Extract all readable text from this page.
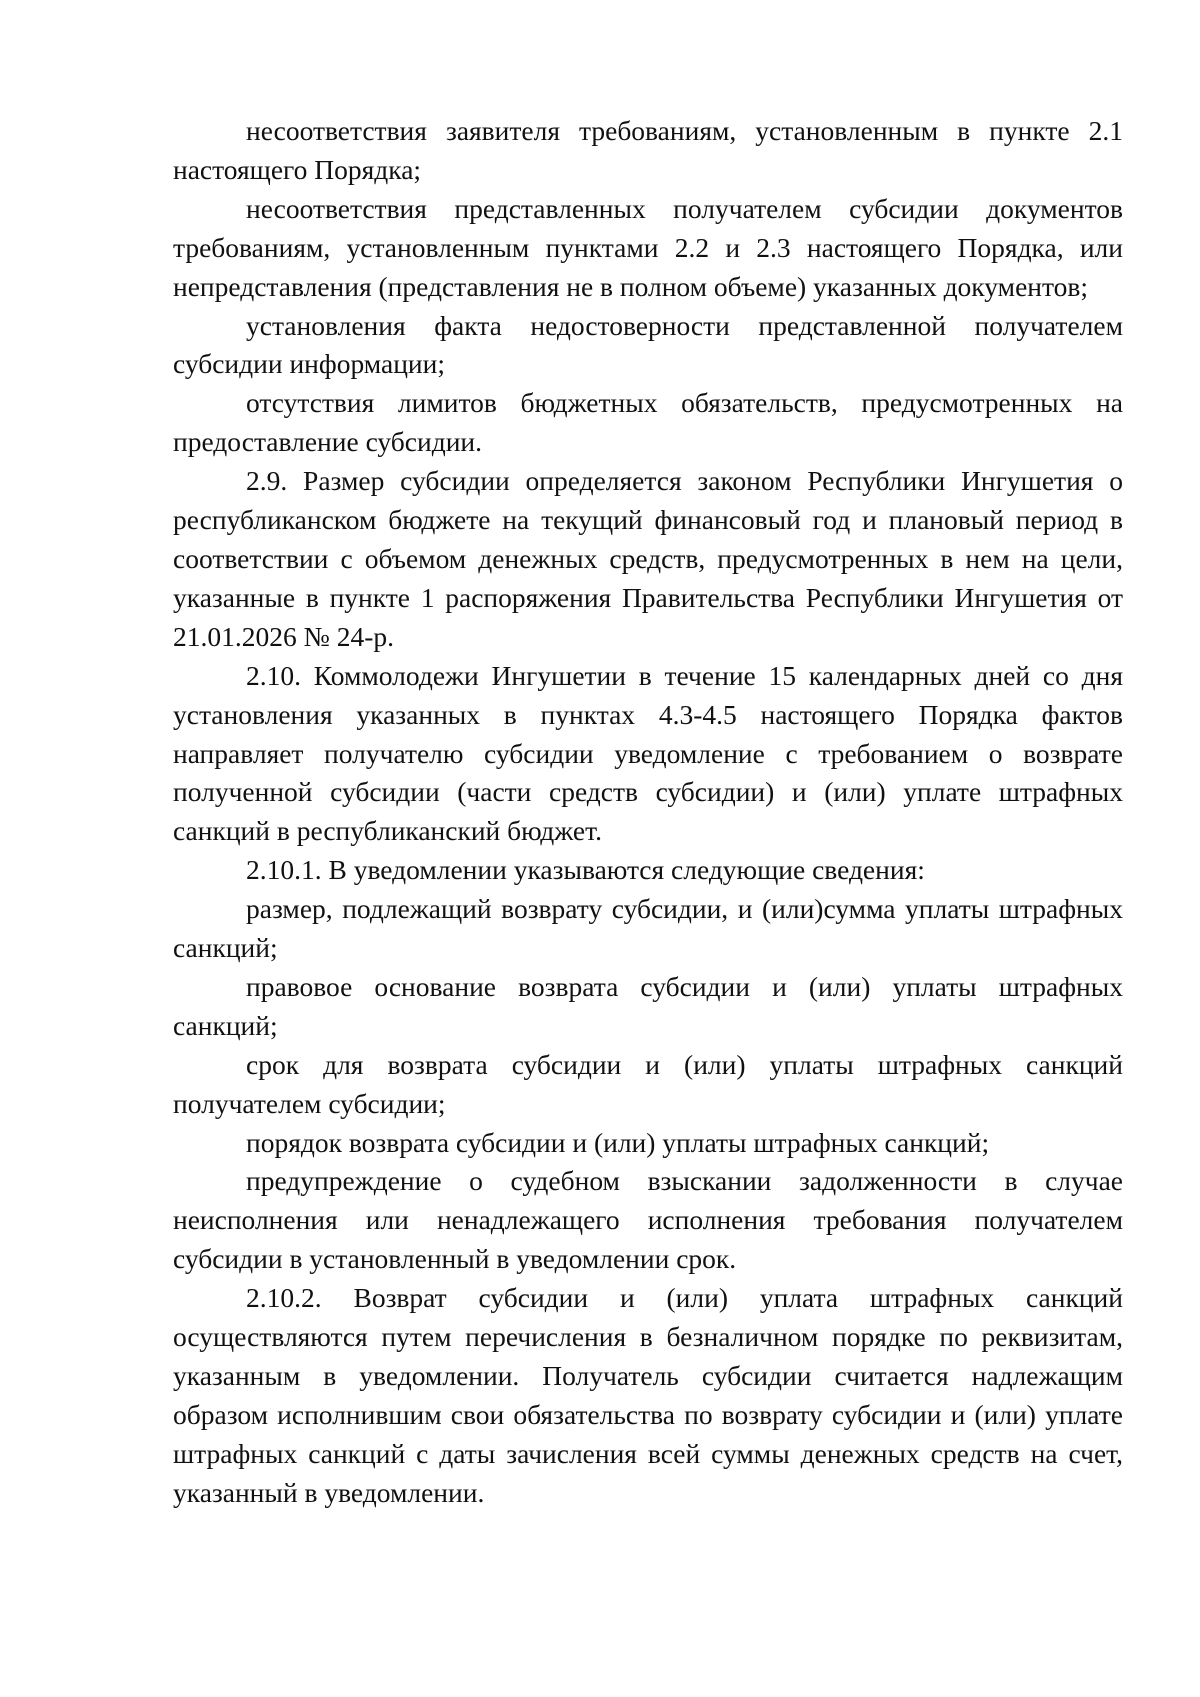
несоответствия заявителя требованиям, установленным в пункте 2.1 настоящего Порядка;

несоответствия представленных получателем субсидии документов требованиям, установленным пунктами 2.2 и 2.3 настоящего Порядка, или непредставления (представления не в полном объеме) указанных документов;

установления факта недостоверности представленной получателем субсидии информации;

отсутствия лимитов бюджетных обязательств, предусмотренных на предоставление субсидии.

2.9. Размер субсидии определяется законом Республики Ингушетия о республиканском бюджете на текущий финансовый год и плановый период в соответствии с объемом денежных средств, предусмотренных в нем на цели, указанные в пункте 1 распоряжения Правительства Республики Ингушетия от 21.01.2026 № 24-р.

2.10. Коммолодежи Ингушетии в течение 15 календарных дней со дня установления указанных в пунктах 4.3-4.5 настоящего Порядка фактов направляет получателю субсидии уведомление с требованием о возврате полученной субсидии (части средств субсидии) и (или) уплате штрафных санкций в республиканский бюджет.

2.10.1. В уведомлении указываются следующие сведения:

размер, подлежащий возврату субсидии, и (или)сумма уплаты штрафных санкций;

правовое основание возврата субсидии и (или) уплаты штрафных санкций;

срок для возврата субсидии и (или) уплаты штрафных санкций получателем субсидии;

порядок возврата субсидии и (или) уплаты штрафных санкций;

предупреждение о судебном взыскании задолженности в случае неисполнения или ненадлежащего исполнения требования получателем субсидии в установленный в уведомлении срок.

2.10.2. Возврат субсидии и (или) уплата штрафных санкций осуществляются путем перечисления в безналичном порядке по реквизитам, указанным в уведомлении. Получатель субсидии считается надлежащим образом исполнившим свои обязательства по возврату субсидии и (или) уплате штрафных санкций с даты зачисления всей суммы денежных средств на счет, указанный в уведомлении.
